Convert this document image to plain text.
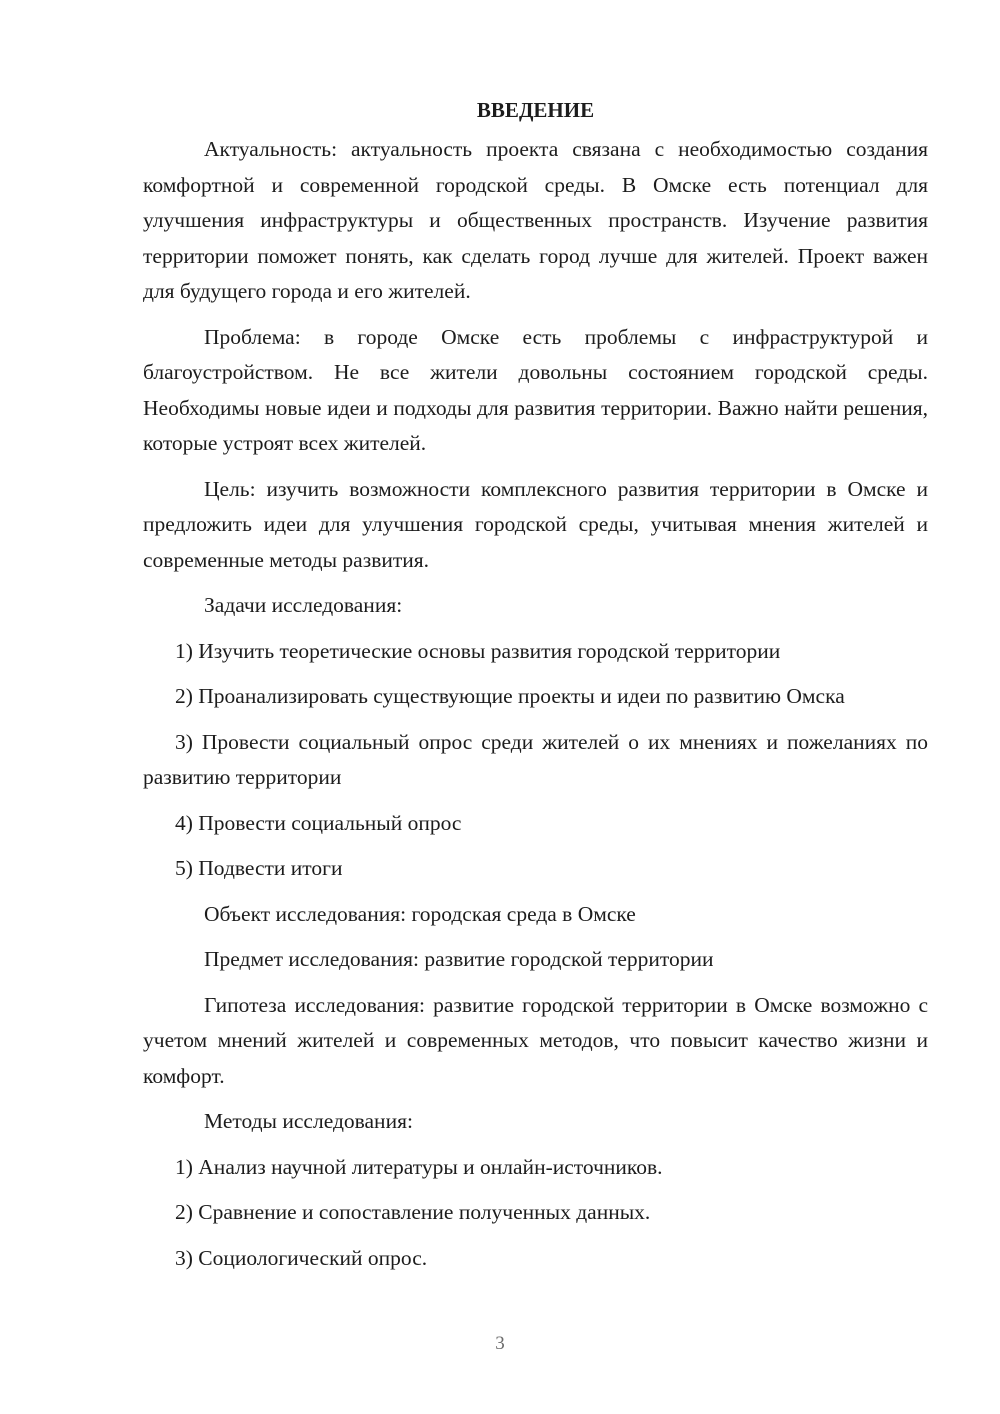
ВВЕДЕНИЕ

Актуальность: актуальность проекта связана с необходимостью создания комфортной и современной городской среды. В Омске есть потенциал для улучшения инфраструктуры и общественных пространств. Изучение развития территории поможет понять, как сделать город лучше для жителей. Проект важен для будущего города и его жителей.

Проблема: в городе Омске есть проблемы с инфраструктурой и благоустройством. Не все жители довольны состоянием городской среды. Необходимы новые идеи и подходы для развития территории. Важно найти решения, которые устроят всех жителей.

Цель: изучить возможности комплексного развития территории в Омске и предложить идеи для улучшения городской среды, учитывая мнения жителей и современные методы развития.

Задачи исследования:

1) Изучить теоретические основы развития городской территории

2) Проанализировать существующие проекты и идеи по развитию Омска

3) Провести социальный опрос среди жителей о их мнениях и пожеланиях по развитию территории

4) Провести социальный опрос

5) Подвести итоги

Объект исследования: городская среда в Омске

Предмет исследования: развитие городской территории

Гипотеза исследования: развитие городской территории в Омске возможно с учетом мнений жителей и современных методов, что повысит качество жизни и комфорт.

Методы исследования:

1) Анализ научной литературы и онлайн-источников.

2) Сравнение и сопоставление полученных данных.

3) Социологический опрос.

3
